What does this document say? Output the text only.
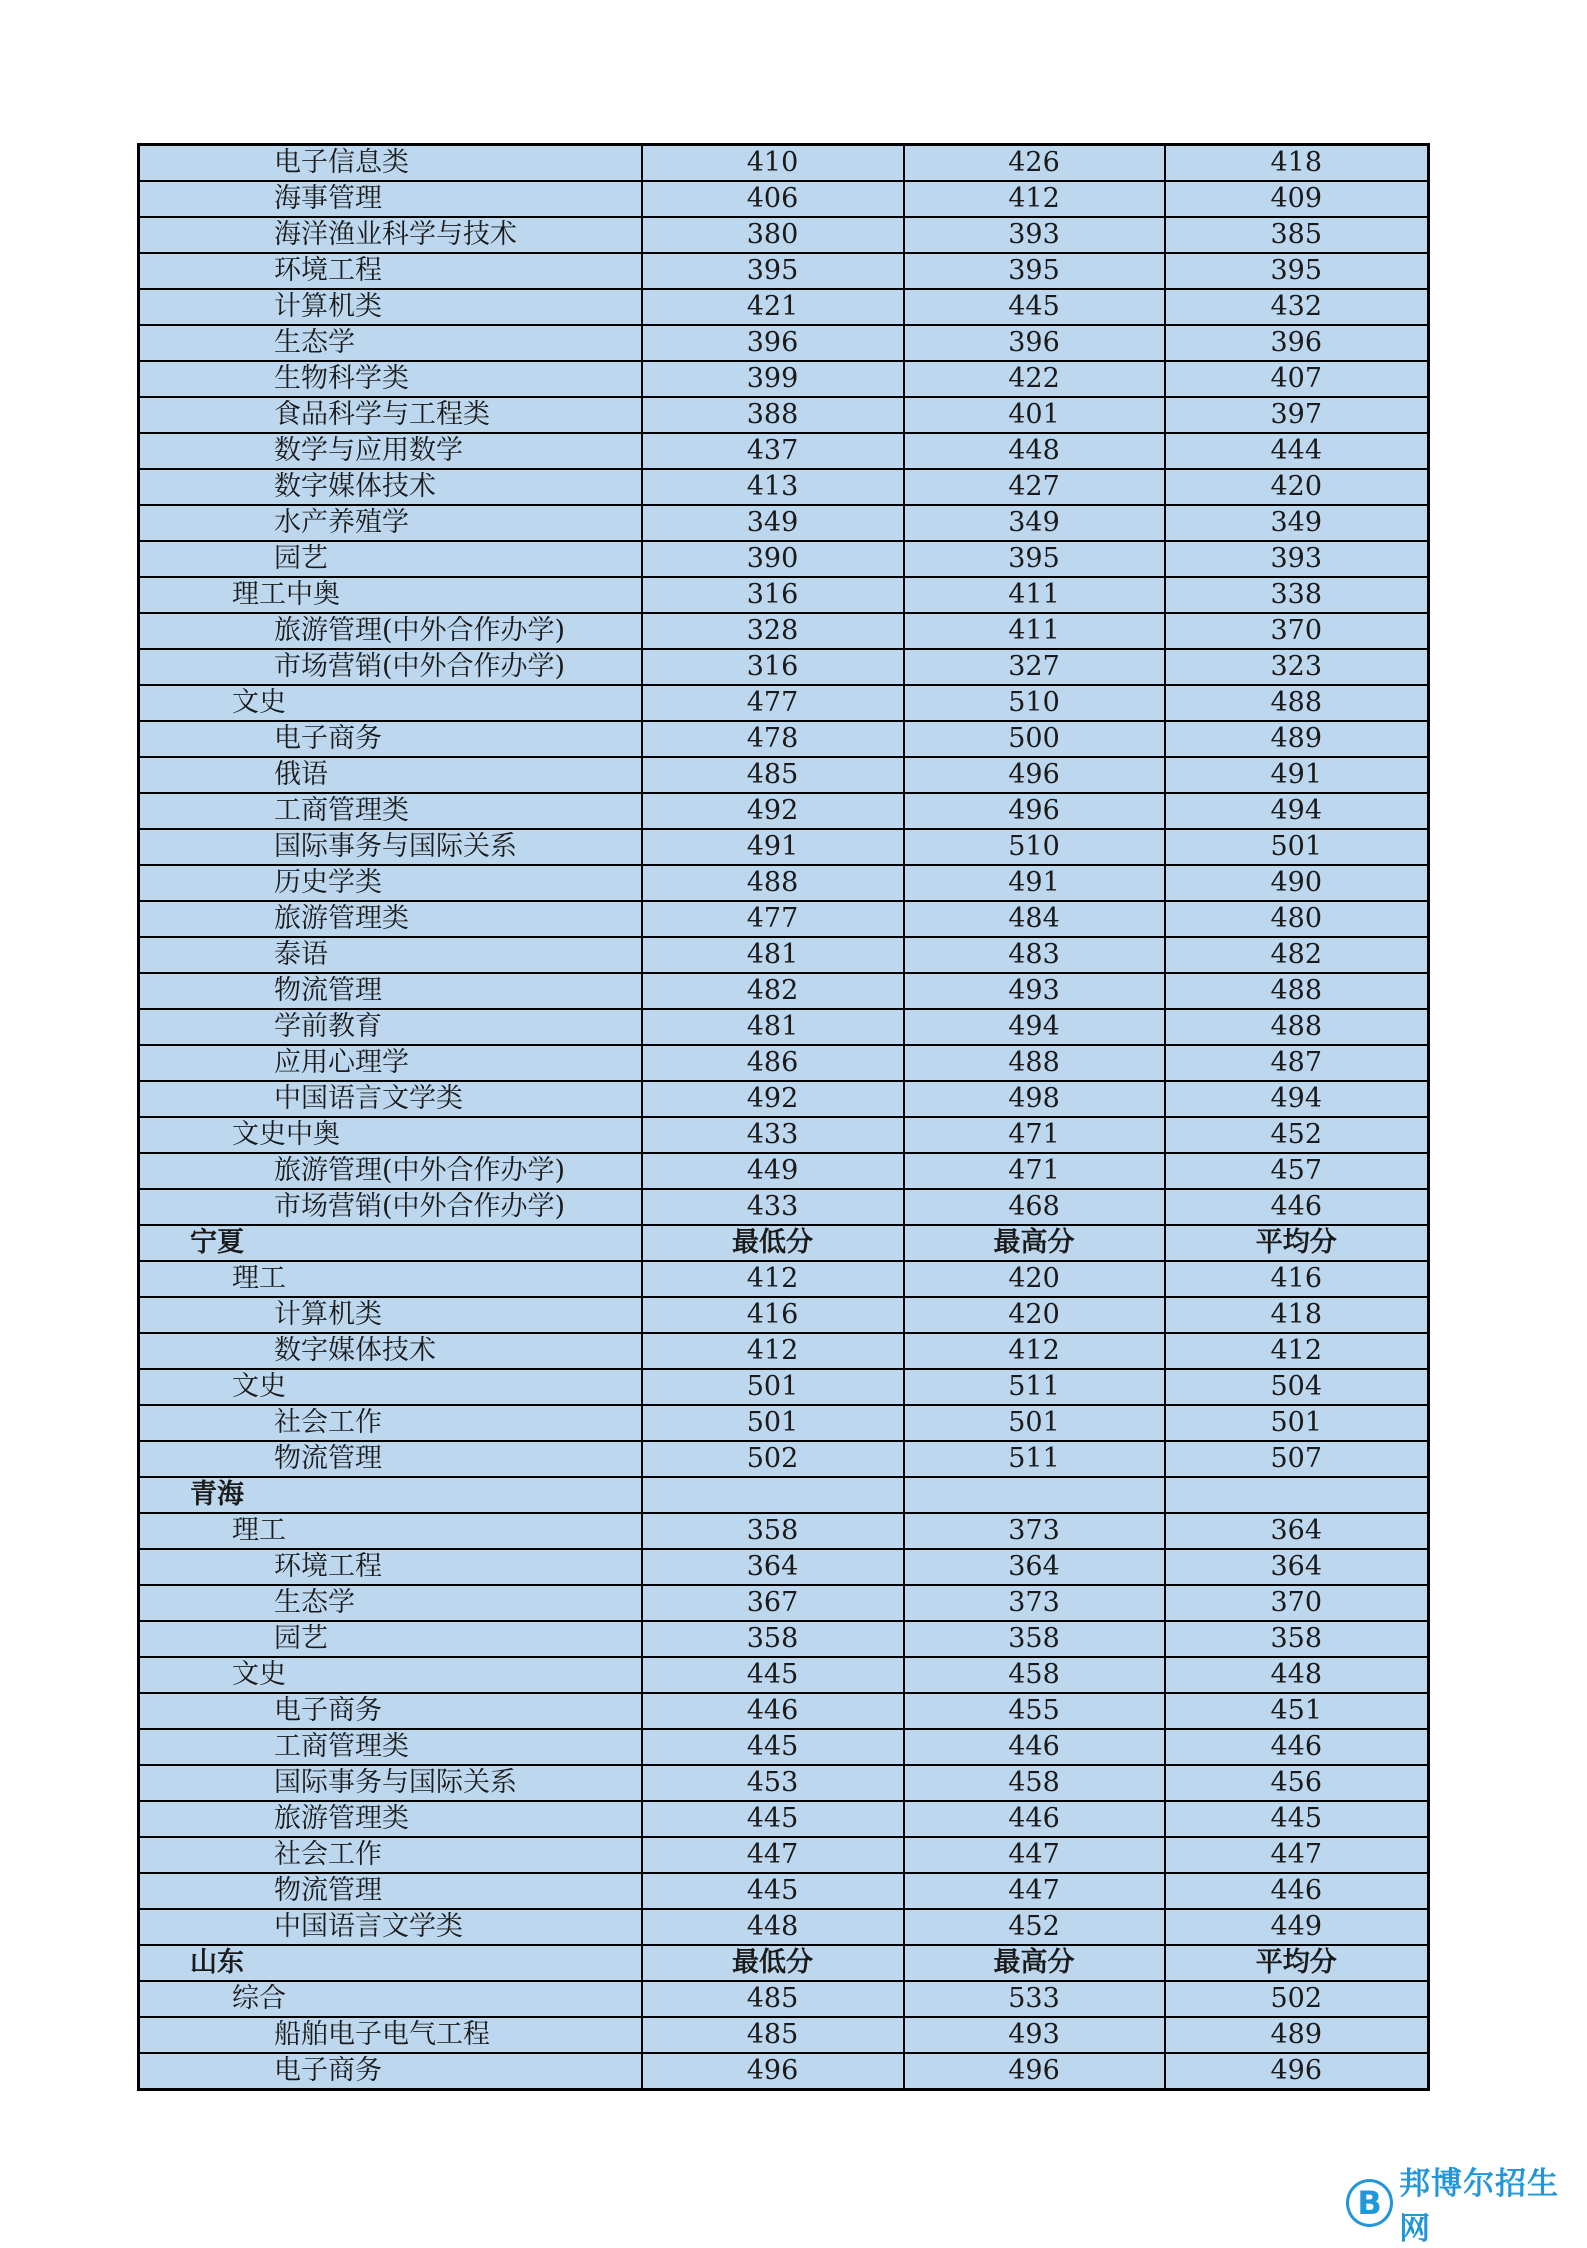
电子信息类	410	426	418
海事管理	406	412	409
海洋渔业科学与技术	380	393	385
环境工程	395	395	395
计算机类	421	445	432
生态学	396	396	396
生物科学类	399	422	407
食品科学与工程类	388	401	397
数学与应用数学	437	448	444
数字媒体技术	413	427	420
水产养殖学	349	349	349
园艺	390	395	393
理工中奥	316	411	338
旅游管理(中外合作办学)	328	411	370
市场营销(中外合作办学)	316	327	323
文史	477	510	488
电子商务	478	500	489
俄语	485	496	491
工商管理类	492	496	494
国际事务与国际关系	491	510	501
历史学类	488	491	490
旅游管理类	477	484	480
泰语	481	483	482
物流管理	482	493	488
学前教育	481	494	488
应用心理学	486	488	487
中国语言文学类	492	498	494
文史中奥	433	471	452
旅游管理(中外合作办学)	449	471	457
市场营销(中外合作办学)	433	468	446
宁夏	最低分	最高分	平均分
理工	412	420	416
计算机类	416	420	418
数字媒体技术	412	412	412
文史	501	511	504
社会工作	501	501	501
物流管理	502	511	507
青海			
理工	358	373	364
环境工程	364	364	364
生态学	367	373	370
园艺	358	358	358
文史	445	458	448
电子商务	446	455	451
工商管理类	445	446	446
国际事务与国际关系	453	458	456
旅游管理类	445	446	445
社会工作	447	447	447
物流管理	445	447	446
中国语言文学类	448	452	449
山东	最低分	最高分	平均分
综合	485	533	502
船舶电子电气工程	485	493	489
电子商务	496	496	496
B 邦博尔招生网
